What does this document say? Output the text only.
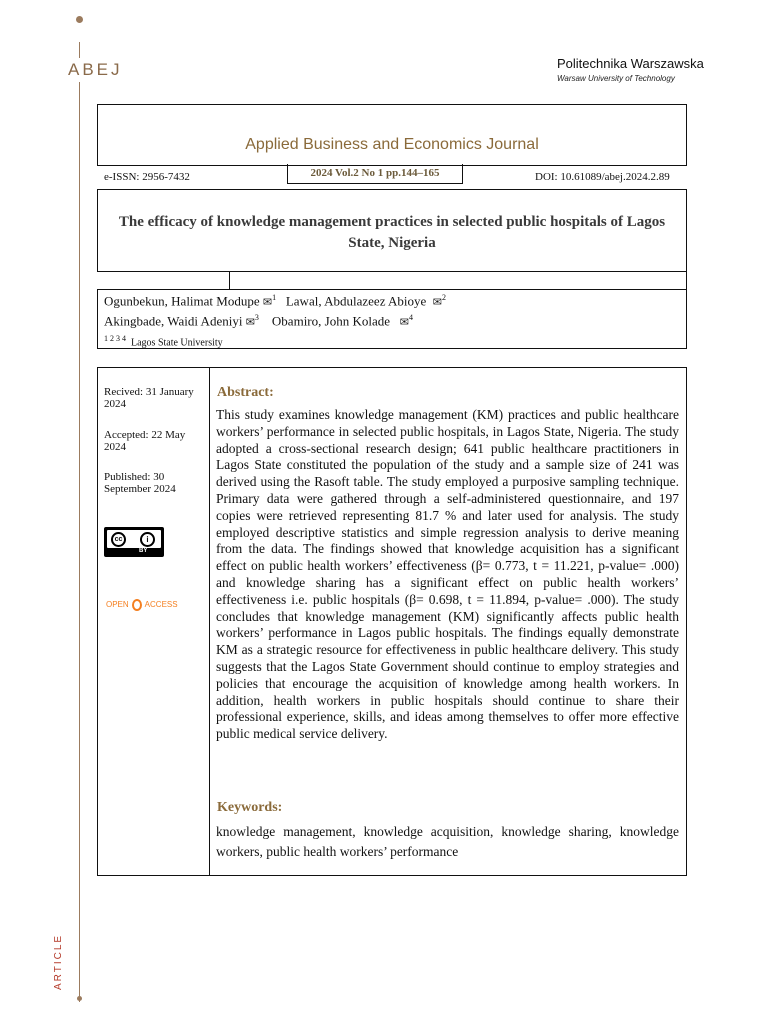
ABEJ
ARTICLE
Politechnika Warszawska
Warsaw University of Technology
Applied Business and Economics Journal
e-ISSN: 2956-7432	2024 Vol.2 No 1 pp.144–165	DOI: 10.61089/abej.2024.2.89
The efficacy of knowledge management practices in selected public hospitals of Lagos State, Nigeria
Ogunbekun, Halimat Modupe ✉$^1$ Lawal, Abdulazeez Abioye ✉$^2$
Akingbade, Waidi Adeniyi ✉$^3$ Obamiro, John Kolade ✉$^4$
$^{1 2 3 4}$ Lagos State University
Recived: 31 January 2024
Accepted: 22 May 2024
Published: 30 September 2024
cc	i
BY
OPEN ACCESS
Abstract:
This study examines knowledge management (KM) practices and public healthcare workers’ performance in selected public hospitals, in Lagos State, Nigeria. The study adopted a cross-sectional research design; 641 public healthcare practitioners in Lagos State constituted the population of the study and a sample size of 241 was derived using the Rasoft table. The study employed a purposive sampling technique. Primary data were gathered through a self-administered questionnaire, and 197 copies were retrieved representing 81.7 % and later used for analysis. The study employed descriptive statistics and simple regression analysis to derive meaning from the data. The findings showed that knowledge acquisition has a significant effect on public health workers’ effectiveness (β= 0.773, t = 11.221, p-value= .000) and knowledge sharing has a significant effect on public health workers’ effectiveness i.e. public hospitals (β= 0.698, t = 11.894, p-value= .000). The study concludes that knowledge management (KM) significantly affects public health workers’ performance in Lagos public hospitals. The findings equally demonstrate KM as a strategic resource for effectiveness in public healthcare delivery. This study suggests that the Lagos State Government should continue to employ strategies and policies that encourage the acquisition of knowledge among health workers. In addition, health workers in public hospitals should continue to share their professional experience, skills, and ideas among themselves to offer more effective public medical service delivery.
Keywords:
knowledge management, knowledge acquisition, knowledge sharing, knowledge workers, public health workers’ performance
